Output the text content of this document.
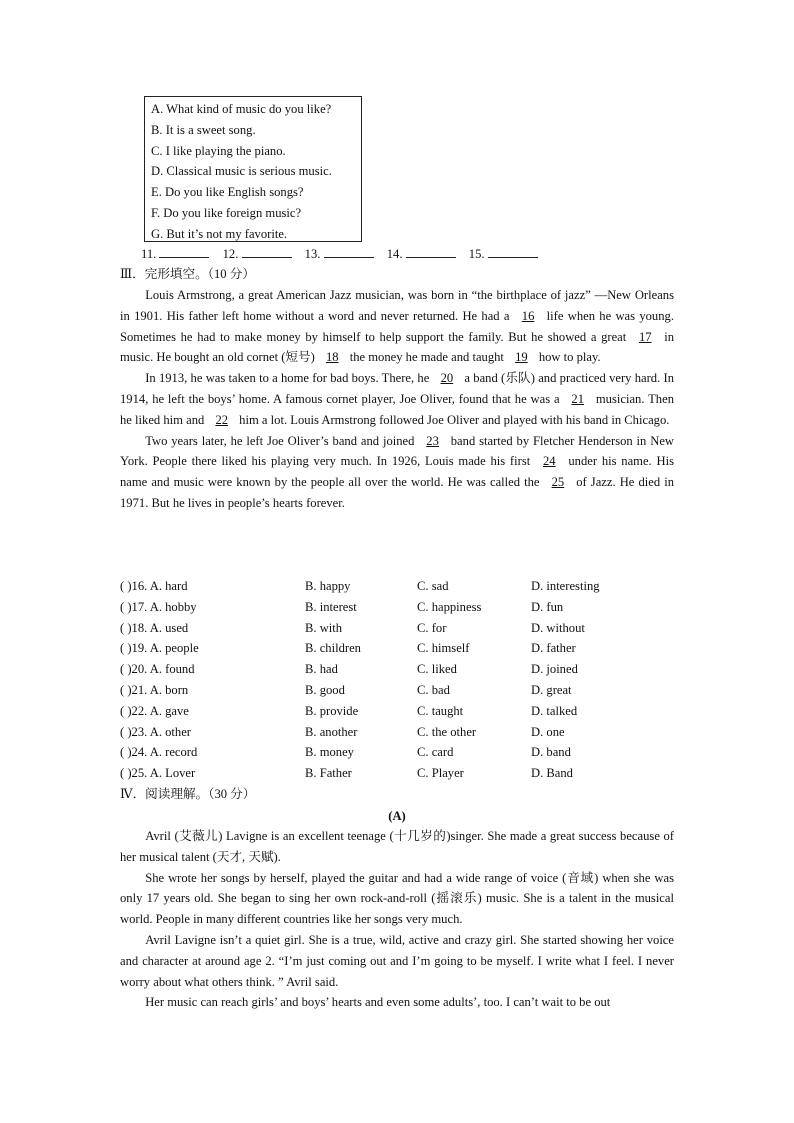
A. What kind of music do you like?
B. It is a sweet song.
C. I like playing the piano.
D. Classical music is serious music.
E. Do you like English songs?
F. Do you like foreign music?
G. But it’s not my favorite.
11.	12.	13.	14.	15.
Ⅲ．完形填空。（10 分）

Louis Armstrong, a great American Jazz musician, was born in “the birthplace of jazz” —New Orleans in 1901. His father left home without a word and never returned. He had a 16 life when he was young. Sometimes he had to make money by himself to help support the family. But he showed a great 17 in music. He bought an old cornet (短号) 18 the money he made and taught 19 how to play.

In 1913, he was taken to a home for bad boys. There, he 20 a band (乐队) and practiced very hard. In 1914, he left the boys’ home. A famous cornet player, Joe Oliver, found that he was a 21 musician. Then he liked him and 22 him a lot. Louis Armstrong followed Joe Oliver and played with his band in Chicago.

Two years later, he left Joe Oliver’s band and joined 23 band started by Fletcher Henderson in New York. People there liked his playing very much. In 1926, Louis made his first 24 under his name. His name and music were known by the people all over the world. He was called the 25 of Jazz. He died in 1971. But he lives in people’s hearts forever.

( )16. A. hard	B. happy	C. sad	D. interesting
( )17. A. hobby	B. interest	C. happiness	D. fun
( )18. A. used	B. with	C. for	D. without
( )19. A. people	B. children	C. himself	D. father
( )20. A. found	B. had	C. liked	D. joined
( )21. A. born	B. good	C. bad	D. great
( )22. A. gave	B. provide	C. taught	D. talked
( )23. A. other	B. another	C. the other	D. one
( )24. A. record	B. money	C. card	D. band
( )25. A. Lover	B. Father	C. Player	D. Band
Ⅳ．阅读理解。（30 分）
(A)

Avril (艾薇儿) Lavigne is an excellent teenage (十几岁的)singer. She made a great success because of her musical talent (天才, 天赋).

She wrote her songs by herself, played the guitar and had a wide range of voice (音域) when she was only 17 years old. She began to sing her own rock-and-roll (摇滚乐) music. She is a talent in the musical world. People in many different countries like her songs very much.

Avril Lavigne isn’t a quiet girl. She is a true, wild, active and crazy girl. She started showing her voice and character at around age 2. “I’m just coming out and I’m going to be myself. I write what I feel. I never worry about what others think. ” Avril said.

Her music can reach girls’ and boys’ hearts and even some adults’, too. I can’t wait to be out
